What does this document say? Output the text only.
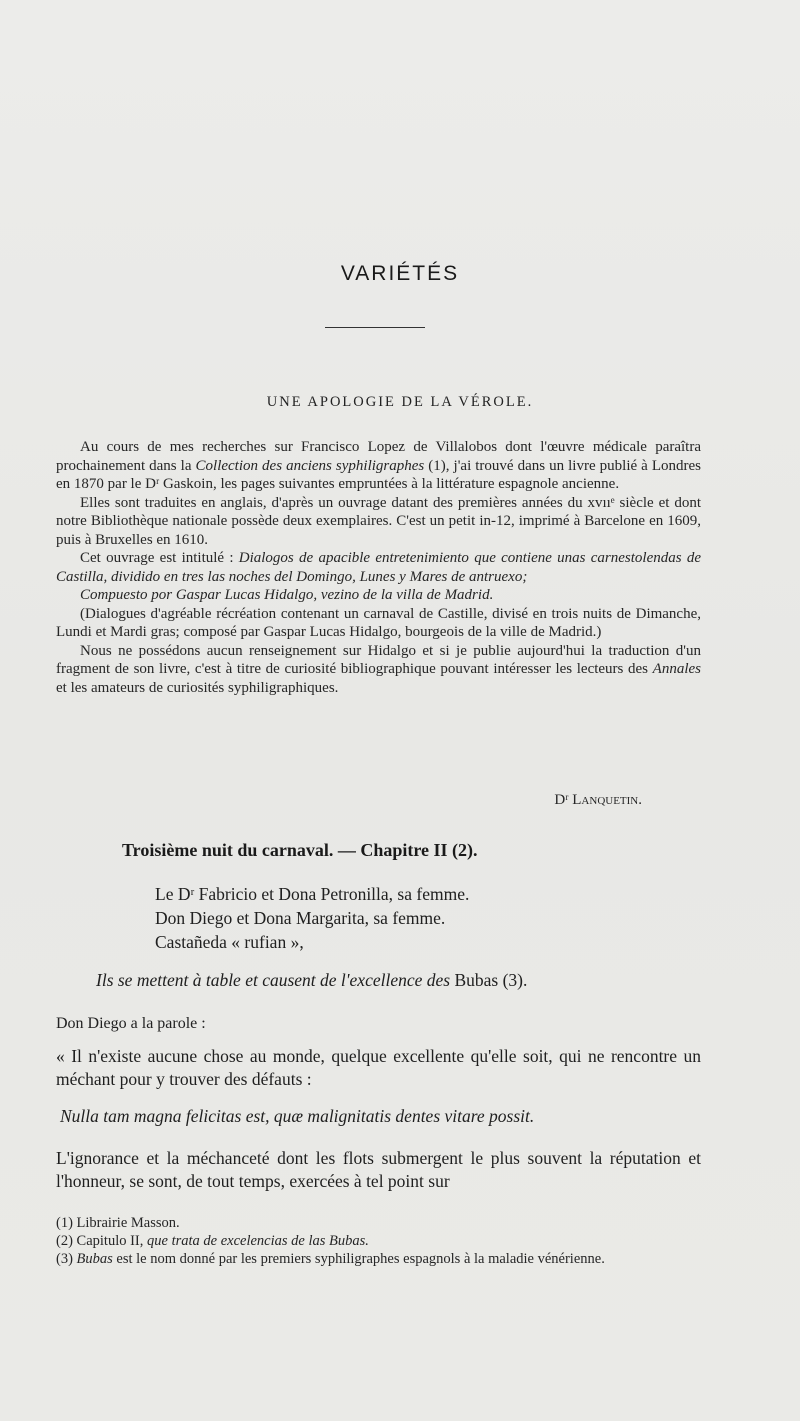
VARIÉTÉS
UNE APOLOGIE DE LA VÉROLE.

Au cours de mes recherches sur Francisco Lopez de Villalobos dont l'œuvre médicale paraîtra prochainement dans la Collection des anciens syphiligraphes (1), j'ai trouvé dans un livre publié à Londres en 1870 par le Dʳ Gaskoin, les pages suivantes empruntées à la littérature espagnole ancienne.

Elles sont traduites en anglais, d'après un ouvrage datant des premières années du xvııᵉ siècle et dont notre Bibliothèque nationale possède deux exemplaires. C'est un petit in-12, imprimé à Barcelone en 1609, puis à Bruxelles en 1610.

Cet ouvrage est intitulé : Dialogos de apacible entretenimiento que contiene unas carnestolendas de Castilla, dividido en tres las noches del Domingo, Lunes y Mares de antruexo;

Compuesto por Gaspar Lucas Hidalgo, vezino de la villa de Madrid.

(Dialogues d'agréable récréation contenant un carnaval de Castille, divisé en trois nuits de Dimanche, Lundi et Mardi gras; composé par Gaspar Lucas Hidalgo, bourgeois de la ville de Madrid.)

Nous ne possédons aucun renseignement sur Hidalgo et si je publie aujourd'hui la traduction d'un fragment de son livre, c'est à titre de curiosité bibliographique pouvant intéresser les lecteurs des Annales et les amateurs de curiosités syphiligraphiques.

Dʳ Lanquetin.
Troisième nuit du carnaval. — Chapitre II (2).
Le Dʳ Fabricio et Dona Petronilla, sa femme.
Don Diego et Dona Margarita, sa femme.
Castañeda « rufian »,
Ils se mettent à table et causent de l'excellence des Bubas (3).
Don Diego a la parole :

« Il n'existe aucune chose au monde, quelque excellente qu'elle soit, qui ne rencontre un méchant pour y trouver des défauts :

Nulla tam magna felicitas est, quæ malignitatis dentes vitare possit.

L'ignorance et la méchanceté dont les flots submergent le plus souvent la réputation et l'honneur, se sont, de tout temps, exercées à tel point sur

(1) Librairie Masson.

(2) Capitulo II, que trata de excelencias de las Bubas.

(3) Bubas est le nom donné par les premiers syphiligraphes espagnols à la maladie vénérienne.
